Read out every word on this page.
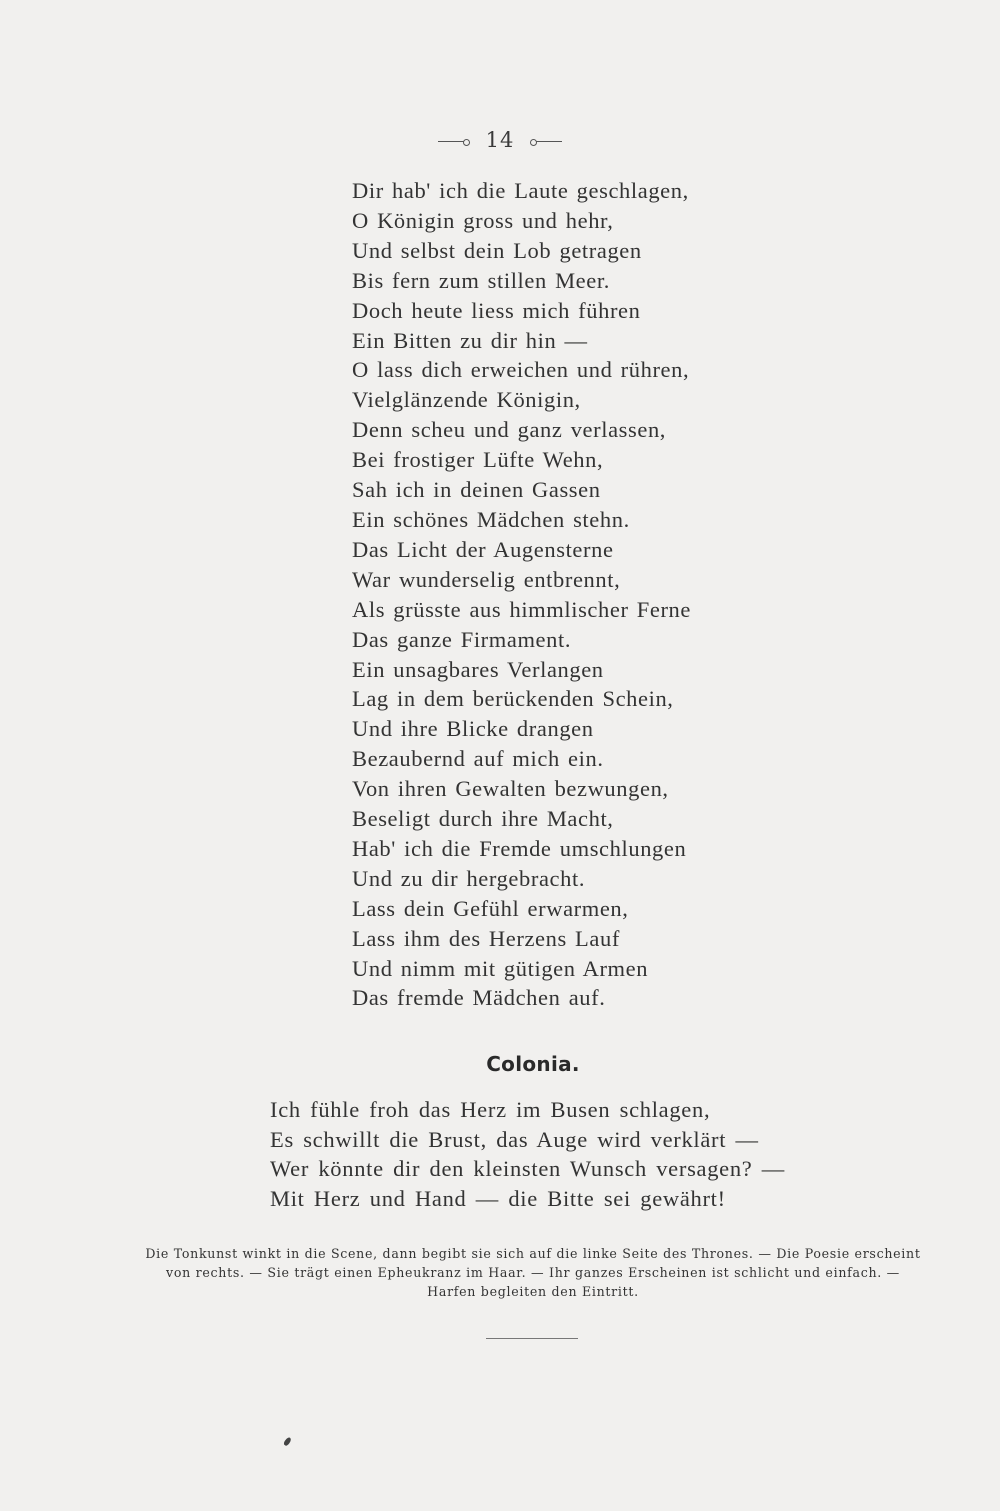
14
Dir hab' ich die Laute geschlagen,
O Königin gross und hehr,
Und selbst dein Lob getragen
Bis fern zum stillen Meer.
Doch heute liess mich führen
Ein Bitten zu dir hin —
O lass dich erweichen und rühren,
Vielglänzende Königin,
Denn scheu und ganz verlassen,
Bei frostiger Lüfte Wehn,
Sah ich in deinen Gassen
Ein schönes Mädchen stehn.
Das Licht der Augensterne
War wunderselig entbrennt,
Als grüsste aus himmlischer Ferne
Das ganze Firmament.
Ein unsagbares Verlangen
Lag in dem berückenden Schein,
Und ihre Blicke drangen
Bezaubernd auf mich ein.
Von ihren Gewalten bezwungen,
Beseligt durch ihre Macht,
Hab' ich die Fremde umschlungen
Und zu dir hergebracht.
Lass dein Gefühl erwarmen,
Lass ihm des Herzens Lauf
Und nimm mit gütigen Armen
Das fremde Mädchen auf.
Colonia.
Ich fühle froh das Herz im Busen schlagen,
Es schwillt die Brust, das Auge wird verklärt —
Wer könnte dir den kleinsten Wunsch versagen? —
Mit Herz und Hand — die Bitte sei gewährt!
Die Tonkunst winkt in die Scene, dann begibt sie sich auf die linke Seite des Thrones. — Die Poesie erscheint von rechts. — Sie trägt einen Epheukranz im Haar. — Ihr ganzes Erscheinen ist schlicht und einfach. — Harfen begleiten den Eintritt.
